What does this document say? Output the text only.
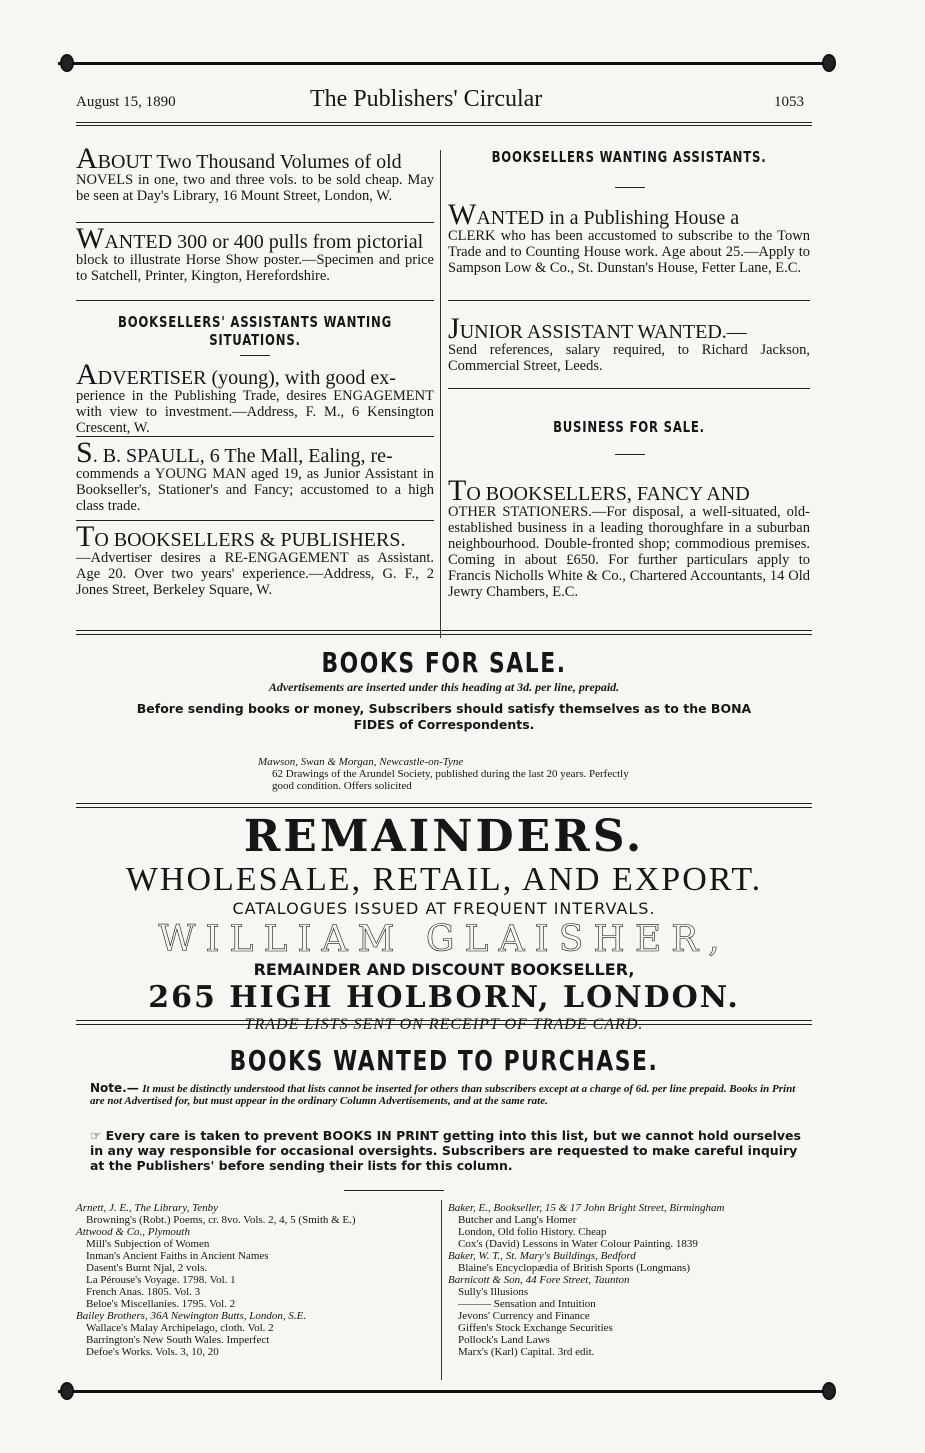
August 15, 1890	The Publishers' Circular	1053
ABOUT Two Thousand Volumes of old
NOVELS in one, two and three vols. to be sold cheap. May be seen at Day's Library, 16 Mount Street, London, W.
WANTED 300 or 400 pulls from pictorial
block to illustrate Horse Show poster.—Specimen and price to Satchell, Printer, Kington, Herefordshire.
BOOKSELLERS' ASSISTANTS WANTING
SITUATIONS.
ADVERTISER (young), with good ex-
perience in the Publishing Trade, desires ENGAGEMENT with view to investment.—Address, F. M., 6 Kensington Crescent, W.
S. B. SPAULL, 6 The Mall, Ealing, re-
commends a YOUNG MAN aged 19, as Junior Assistant in Bookseller's, Stationer's and Fancy; accustomed to a high class trade.
TO BOOKSELLERS & PUBLISHERS.
—Advertiser desires a RE-ENGAGEMENT as Assistant. Age 20. Over two years' experience.—Address, G. F., 2 Jones Street, Berkeley Square, W.
BOOKSELLERS WANTING ASSISTANTS.
WANTED in a Publishing House a
CLERK who has been accustomed to subscribe to the Town Trade and to Counting House work. Age about 25.—Apply to Sampson Low & Co., St. Dunstan's House, Fetter Lane, E.C.
JUNIOR ASSISTANT WANTED.—
Send references, salary required, to Richard Jackson, Commercial Street, Leeds.
BUSINESS FOR SALE.
TO BOOKSELLERS, FANCY AND
OTHER STATIONERS.—For disposal, a well-situated, old-established business in a leading thoroughfare in a suburban neighbourhood. Double-fronted shop; commodious premises. Coming in about £650. For further particulars apply to Francis Nicholls White & Co., Chartered Accountants, 14 Old Jewry Chambers, E.C.
BOOKS FOR SALE.
Advertisements are inserted under this heading at 3d. per line, prepaid.
Before sending books or money, Subscribers should satisfy themselves as to the BONA FIDES of Correspondents.
Mawson, Swan & Morgan, Newcastle-on-Tyne
62 Drawings of the Arundel Society, published during the last 20 years. Perfectly good condition. Offers solicited
REMAINDERS.
WHOLESALE, RETAIL, AND EXPORT.
CATALOGUES ISSUED AT FREQUENT INTERVALS.
WILLIAM GLAISHER,
REMAINDER AND DISCOUNT BOOKSELLER,
265 HIGH HOLBORN, LONDON.
TRADE LISTS SENT ON RECEIPT OF TRADE CARD.
BOOKS WANTED TO PURCHASE.
Note.— It must be distinctly understood that lists cannot be inserted for others than subscribers except at a charge of 6d. per line prepaid. Books in Print are not Advertised for, but must appear in the ordinary Column Advertisements, and at the same rate.
☞ Every care is taken to prevent BOOKS IN PRINT getting into this list, but we cannot hold ourselves in any way responsible for occasional oversights. Subscribers are requested to make careful inquiry at the Publishers' before sending their lists for this column.
Arnett, J. E., The Library, Tenby
Browning's (Robt.) Poems, cr. 8vo. Vols. 2, 4, 5 (Smith & E.)
Attwood & Co., Plymouth
Mill's Subjection of Women
Inman's Ancient Faiths in Ancient Names
Dasent's Burnt Njal, 2 vols.
La Pérouse's Voyage. 1798. Vol. 1
French Anas. 1805. Vol. 3
Beloe's Miscellanies. 1795. Vol. 2
Bailey Brothers, 36A Newington Butts, London, S.E.
Wallace's Malay Archipelago, cloth. Vol. 2
Barrington's New South Wales. Imperfect
Defoe's Works. Vols. 3, 10, 20
Baker, E., Bookseller, 15 & 17 John Bright Street, Birmingham
Butcher and Lang's Homer
London, Old folio History. Cheap
Cox's (David) Lessons in Water Colour Painting. 1839
Baker, W. T., St. Mary's Buildings, Bedford
Blaine's Encyclopædia of British Sports (Longmans)
Barnicott & Son, 44 Fore Street, Taunton
Sully's Illusions
——— Sensation and Intuition
Jevons' Currency and Finance
Giffen's Stock Exchange Securities
Pollock's Land Laws
Marx's (Karl) Capital. 3rd edit.
